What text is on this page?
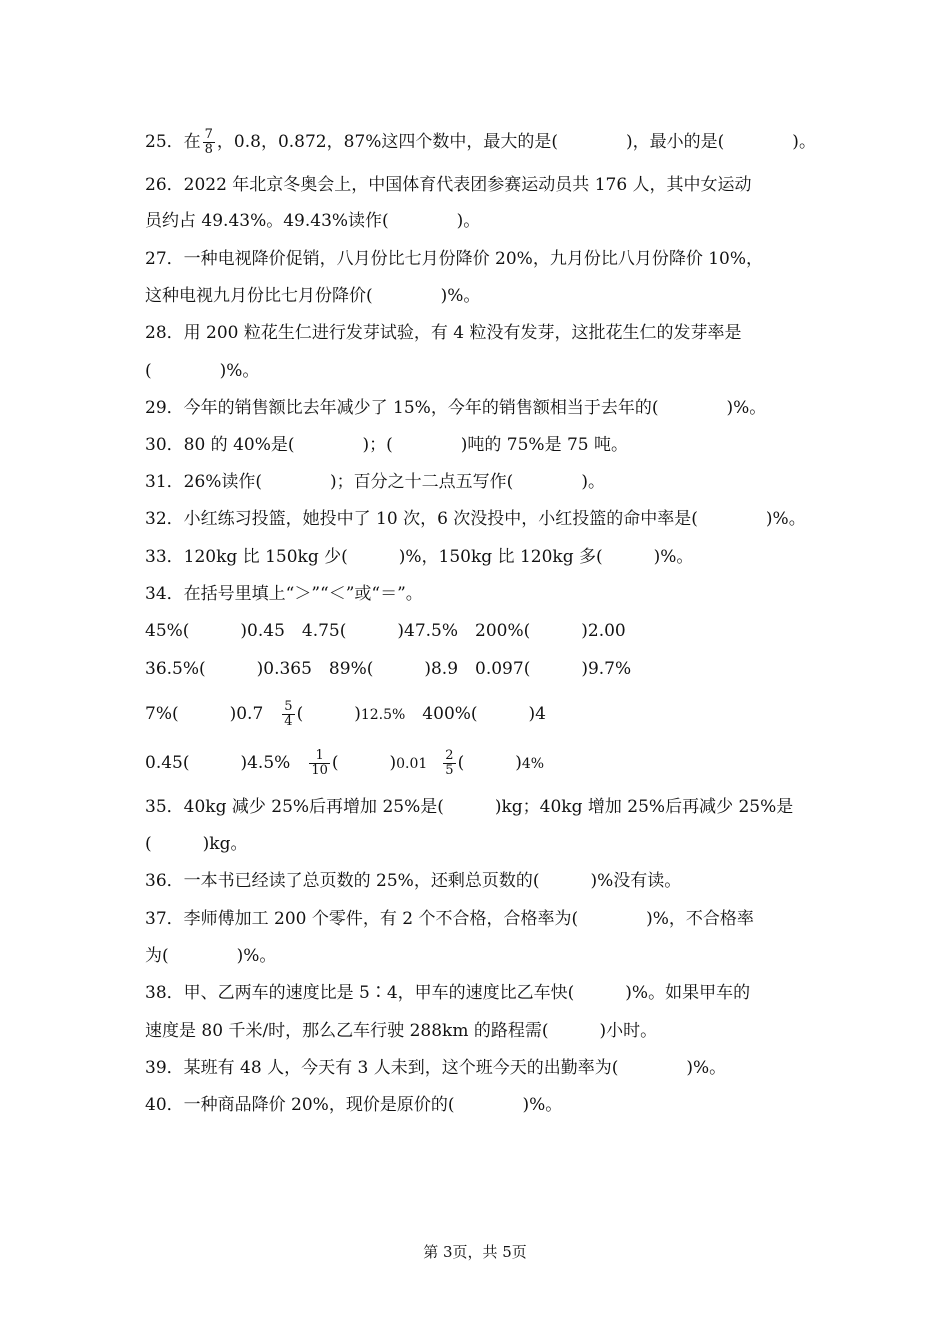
25．在 $\frac{7}{8}$ ，0.8，0.872，87%这四个数中，最大的是(　　　　)，最小的是(　　　　)。
26．2022 年北京冬奥会上，中国体育代表团参赛运动员共 176 人，其中女运动
员约占 49.43%。49.43%读作(　　　　)。
27．一种电视降价促销，八月份比七月份降价 20%，九月份比八月份降价 10%，
这种电视九月份比七月份降价(　　　　)%。
28．用 200 粒花生仁进行发芽试验，有 4 粒没有发芽，这批花生仁的发芽率是
(　　　　)%。
29．今年的销售额比去年减少了 15%，今年的销售额相当于去年的(　　　　)%。
30．80 的 40%是(　　　　)；(　　　　)吨的 75%是 75 吨。
31．26%读作(　　　　)；百分之十二点五写作(　　　　)。
32．小红练习投篮，她投中了 10 次，6 次没投中，小红投篮的命中率是(　　　　)%。
33．120kg 比 150kg 少(　　　)%，150kg 比 120kg 多(　　　)%。
34．在括号里填上“＞”“＜”或“＝”。
45%(　　　)0.45　4.75(　　　)47.5%　200%(　　　)2.00
36.5%(　　　)0.365　89%(　　　)8.9　0.097(　　　)9.7%
7%(　　　)0.7　 $\frac{5}{4}$ (　　　)12.5%　400%(　　　)4
0.45(　　　)4.5%　 $\frac{1}{10}$ (　　　)$0.01 \frac{2}{5}$ (　　　)4%
35．40kg 减少 25%后再增加 25%是(　　　)kg；40kg 增加 25%后再减少 25%是
(　　　)kg。
36．一本书已经读了总页数的 25%，还剩总页数的(　　　)%没有读。
37．李师傅加工 200 个零件，有 2 个不合格，合格率为(　　　　)%，不合格率
为(　　　　)%。
38．甲、乙两车的速度比是 5∶4，甲车的速度比乙车快(　　　)%。如果甲车的
速度是 80 千米/时，那么乙车行驶 288km 的路程需(　　　)小时。
39．某班有 48 人，今天有 3 人未到，这个班今天的出勤率为(　　　　)%。
40．一种商品降价 20%，现价是原价的(　　　　)%。
第 3页，共 5页
